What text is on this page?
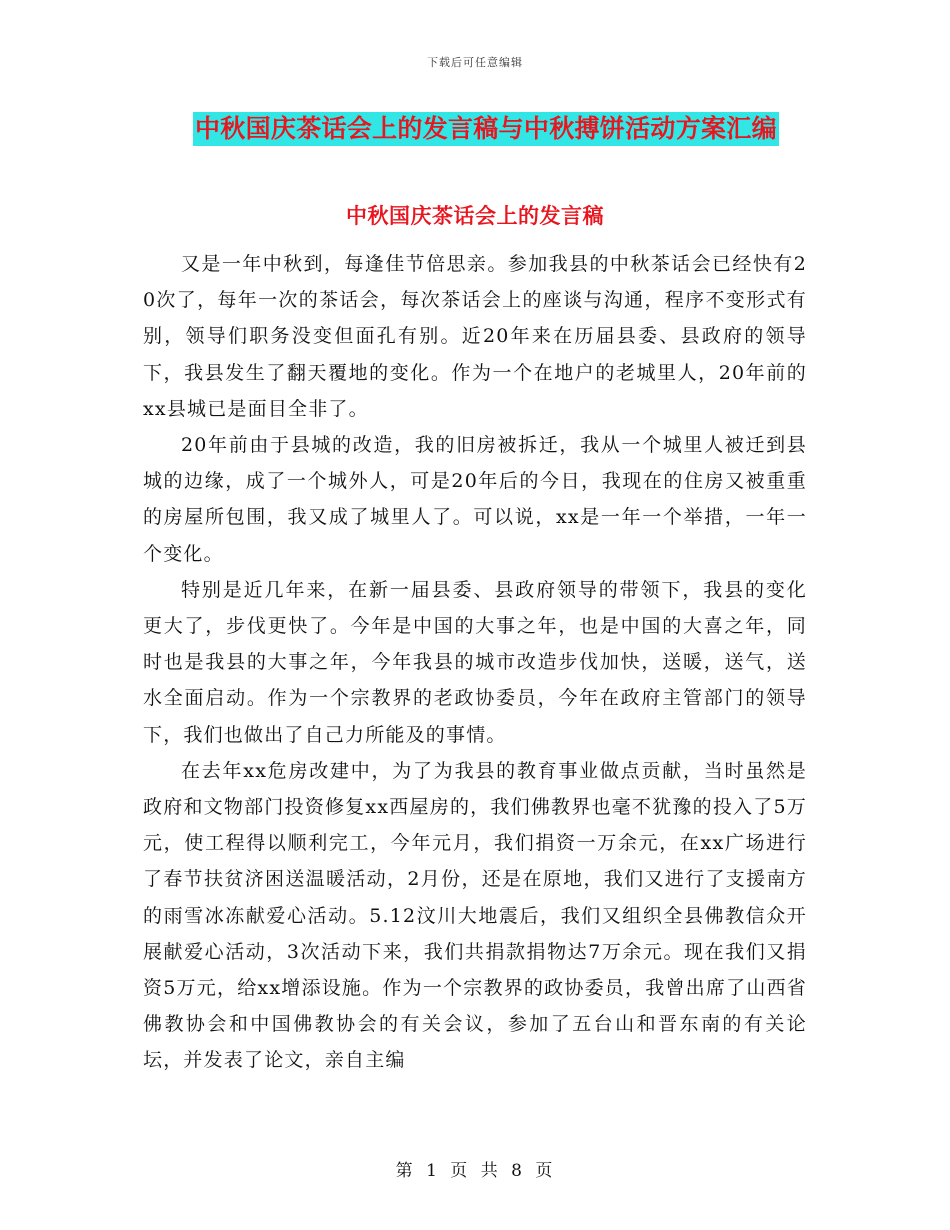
下载后可任意编辑
中秋国庆茶话会上的发言稿与中秋搏饼活动方案汇编
中秋国庆茶话会上的发言稿

又是一年中秋到，每逢佳节倍思亲。参加我县的中秋茶话会已经快有20次了，每年一次的茶话会，每次茶话会上的座谈与沟通，程序不变形式有别，领导们职务没变但面孔有别。近20年来在历届县委、县政府的领导下，我县发生了翻天覆地的变化。作为一个在地户的老城里人，20年前的xx县城已是面目全非了。

20年前由于县城的改造，我的旧房被拆迁，我从一个城里人被迁到县城的边缘，成了一个城外人，可是20年后的今日，我现在的住房又被重重的房屋所包围，我又成了城里人了。可以说，xx是一年一个举措，一年一个变化。

特别是近几年来，在新一届县委、县政府领导的带领下，我县的变化更大了，步伐更快了。今年是中国的大事之年，也是中国的大喜之年，同时也是我县的大事之年，今年我县的城市改造步伐加快，送暖，送气，送水全面启动。作为一个宗教界的老政协委员，今年在政府主管部门的领导下，我们也做出了自己力所能及的事情。

在去年xx危房改建中，为了为我县的教育事业做点贡献，当时虽然是政府和文物部门投资修复xx西屋房的，我们佛教界也毫不犹豫的投入了5万元，使工程得以顺利完工，今年元月，我们捐资一万余元，在xx广场进行了春节扶贫济困送温暖活动，2月份，还是在原地，我们又进行了支援南方的雨雪冰冻献爱心活动。5.12汶川大地震后，我们又组织全县佛教信众开展献爱心活动，3次活动下来，我们共捐款捐物达7万余元。现在我们又捐资5万元，给xx增添设施。作为一个宗教界的政协委员，我曾出席了山西省佛教协会和中国佛教协会的有关会议，参加了五台山和晋东南的有关论坛，并发表了论文，亲自主编

第 1 页 共 8 页
